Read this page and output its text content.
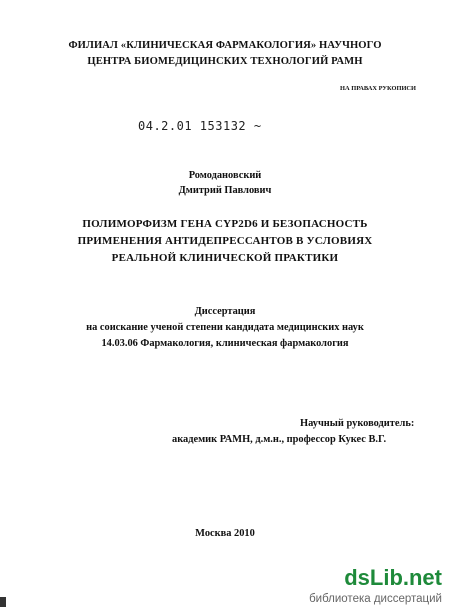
ФИЛИАЛ «КЛИНИЧЕСКАЯ ФАРМАКОЛОГИЯ» НАУЧНОГО
ЦЕНТРА БИОМЕДИЦИНСКИХ ТЕХНОЛОГИЙ РАМН
НА ПРАВАХ РУКОПИСИ
04.2.01 153132 ~
Ромодановский
Дмитрий Павлович
ПОЛИМОРФИЗМ ГЕНА CYP2D6 И БЕЗОПАСНОСТЬ
ПРИМЕНЕНИЯ АНТИДЕПРЕССАНТОВ В УСЛОВИЯХ
РЕАЛЬНОЙ КЛИНИЧЕСКОЙ ПРАКТИКИ
Диссертация
на соискание ученой степени кандидата медицинских наук
14.03.06 Фармакология, клиническая фармакология
Научный руководитель:
академик РАМН, д.м.н., профессор Кукес В.Г.
Москва 2010
dsLib.net
библиотека диссертаций
